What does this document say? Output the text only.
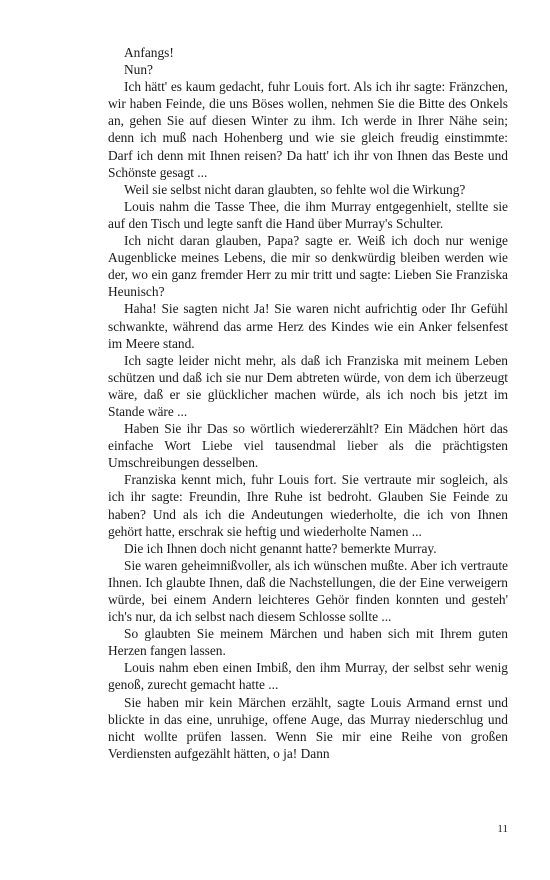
Anfangs!

Nun?

Ich hätt' es kaum gedacht, fuhr Louis fort. Als ich ihr sagte: Fränzchen, wir haben Feinde, die uns Böses wollen, nehmen Sie die Bitte des Onkels an, gehen Sie auf diesen Winter zu ihm. Ich werde in Ihrer Nähe sein; denn ich muß nach Hohenberg und wie sie gleich freudig einstimmte: Darf ich denn mit Ihnen reisen? Da hatt' ich ihr von Ihnen das Beste und Schönste gesagt ...

Weil sie selbst nicht daran glaubten, so fehlte wol die Wirkung?

Louis nahm die Tasse Thee, die ihm Murray entgegenhielt, stellte sie auf den Tisch und legte sanft die Hand über Murray's Schulter.

Ich nicht daran glauben, Papa? sagte er. Weiß ich doch nur wenige Augenblicke meines Lebens, die mir so denkwürdig bleiben werden wie der, wo ein ganz fremder Herr zu mir tritt und sagte: Lieben Sie Franziska Heunisch?

Haha! Sie sagten nicht Ja! Sie waren nicht aufrichtig oder Ihr Gefühl schwankte, während das arme Herz des Kindes wie ein Anker felsenfest im Meere stand.

Ich sagte leider nicht mehr, als daß ich Franziska mit meinem Leben schützen und daß ich sie nur Dem abtreten würde, von dem ich überzeugt wäre, daß er sie glücklicher machen würde, als ich noch bis jetzt im Stande wäre ...

Haben Sie ihr Das so wörtlich wiedererzählt? Ein Mädchen hört das einfache Wort Liebe viel tausendmal lieber als die prächtigsten Umschreibungen desselben.

Franziska kennt mich, fuhr Louis fort. Sie vertraute mir sogleich, als ich ihr sagte: Freundin, Ihre Ruhe ist bedroht. Glauben Sie Feinde zu haben? Und als ich die Andeutungen wiederholte, die ich von Ihnen gehört hatte, erschrak sie heftig und wiederholte Namen ...

Die ich Ihnen doch nicht genannt hatte? bemerkte Murray.

Sie waren geheimnißvoller, als ich wünschen mußte. Aber ich vertraute Ihnen. Ich glaubte Ihnen, daß die Nachstellungen, die der Eine verweigern würde, bei einem Andern leichteres Gehör finden konnten und gesteh' ich's nur, da ich selbst nach diesem Schlosse sollte ...

So glaubten Sie meinem Märchen und haben sich mit Ihrem guten Herzen fangen lassen.

Louis nahm eben einen Imbiß, den ihm Murray, der selbst sehr wenig genoß, zurecht gemacht hatte ...

Sie haben mir kein Märchen erzählt, sagte Louis Armand ernst und blickte in das eine, unruhige, offene Auge, das Murray niederschlug und nicht wollte prüfen lassen. Wenn Sie mir eine Reihe von großen Verdiensten aufgezählt hätten, o ja! Dann

11
